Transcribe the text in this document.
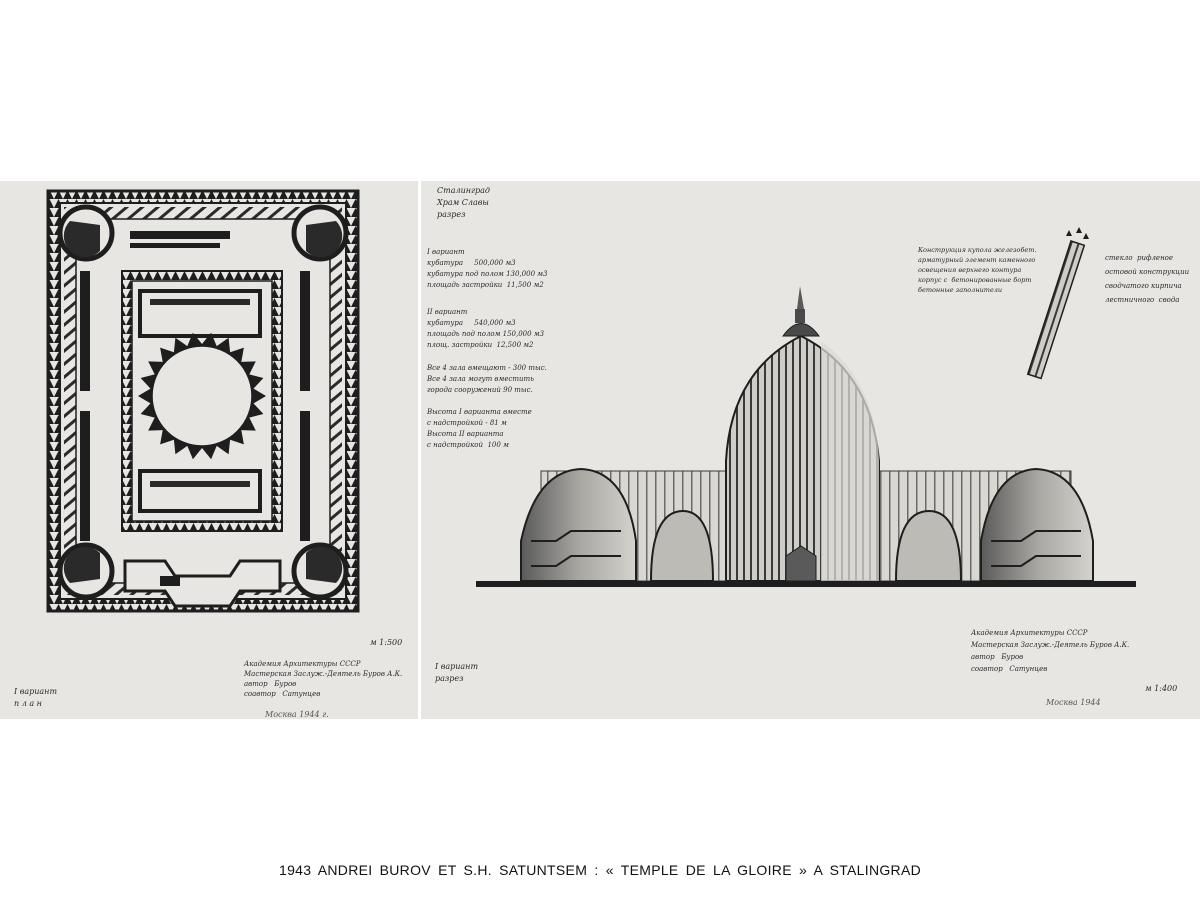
м 1:500
I вариант
п л а н
Академия Архитектуры СССР
Мастерская Заслуж.-Деятель Буров А.К.
автор   Буров
соавтор   Сатунцев
Москва 1944 г.
Сталинград
Храм Славы
разрез
I вариант
кубатура     500,000 м3
кубатура под полом 130,000 м3
площадь застройки  11,500 м2
II вариант
кубатура     540,000 м3
площадь под полом 150,000 м3
площ. застройки  12,500 м2
Все 4 зала вмещают - 300 тыс.
Все 4 зала могут вместить
города сооружений 90 тыс.
Высота I варианта вместе
с надстройкой - 81 м
Высота II варианта
с надстройкой  100 м
Конструкция купола железобет.
арматурный элемент каменного
освещения верхнего контура
корпус с  бетонированные борт
бетонные заполнители
стекло  рифленое
остовой конструкции
сводчатого кирпича
лестничного  свода
I вариант
разрез
Академия Архитектуры СССР
Мастерская Заслуж.-Деятель Буров А.К.
автор   Буров
соавтор   Сатунцев
м 1:400
Москва 1944
1943 ANDREI BUROV ET S.H. SATUNTSEM : « TEMPLE DE LA GLOIRE » A STALINGRAD
